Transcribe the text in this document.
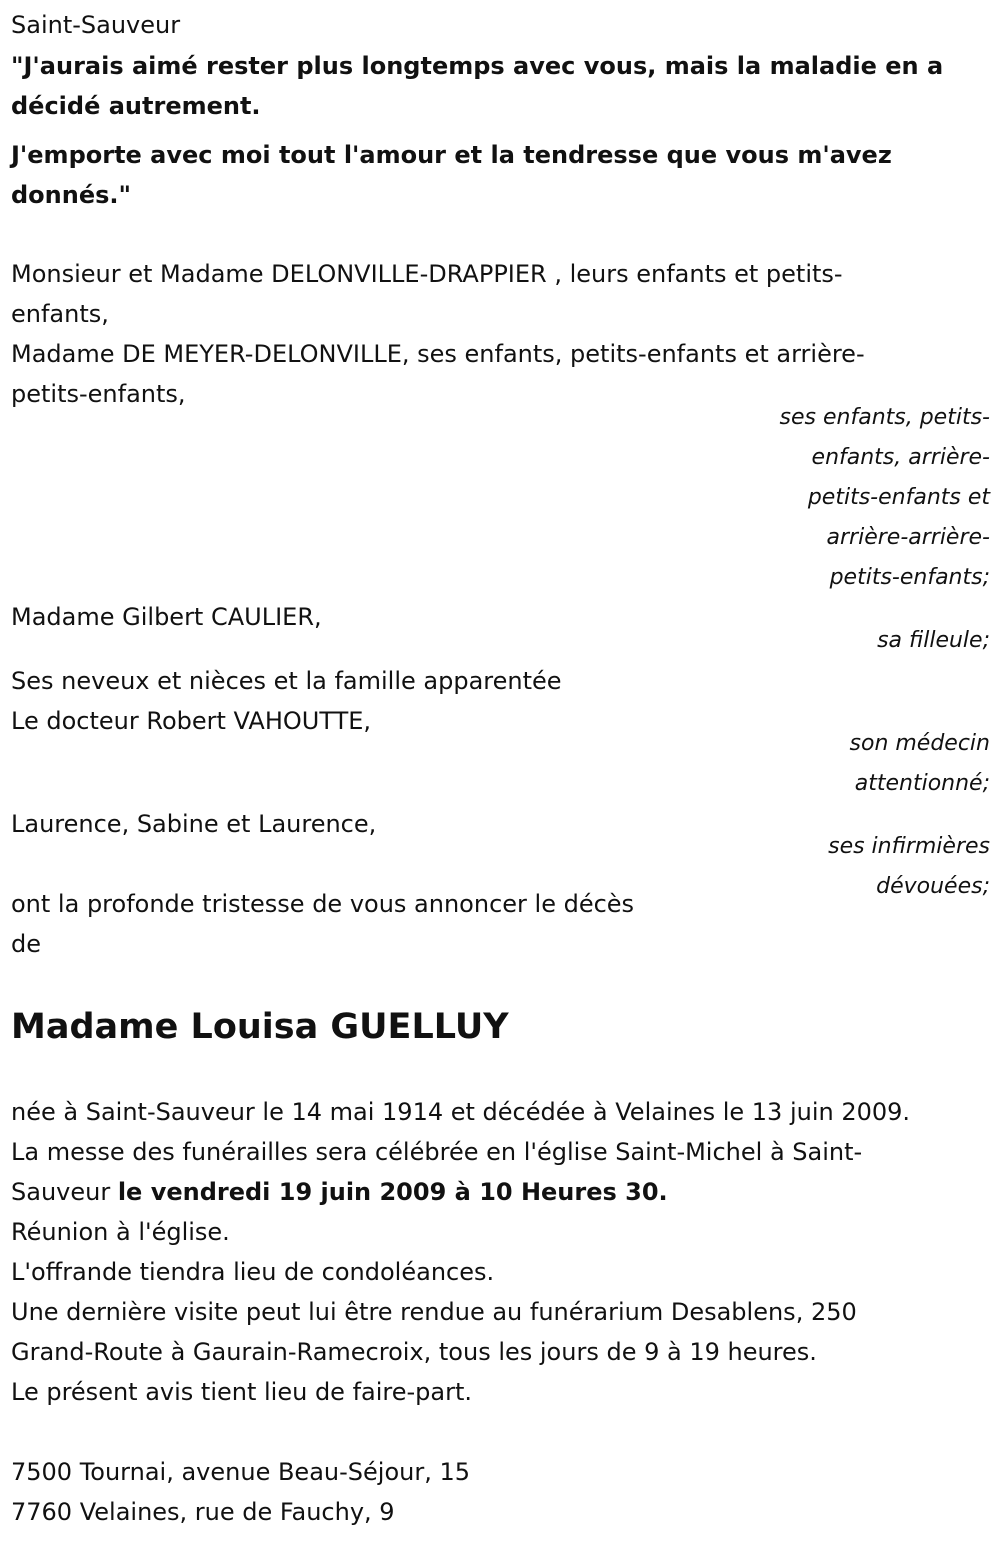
Saint-Sauveur
"J'aurais aimé rester plus longtemps avec vous, mais la maladie en a
décidé autrement.
J'emporte avec moi tout l'amour et la tendresse que vous m'avez
donnés."
Monsieur et Madame DELONVILLE-DRAPPIER , leurs enfants et petits-
enfants,
Madame DE MEYER-DELONVILLE, ses enfants, petits-enfants et arrière-
petits-enfants,
ses enfants, petits-
enfants, arrière-
petits-enfants et
arrière-arrière-
petits-enfants;
Madame Gilbert CAULIER,
sa filleule;
Ses neveux et nièces et la famille apparentée
Le docteur Robert VAHOUTTE,
son médecin
attentionné;
Laurence, Sabine et Laurence,
ses infirmières
dévouées;
ont la profonde tristesse de vous annoncer le décès
de
Madame Louisa GUELLUY
née à Saint-Sauveur le 14 mai 1914 et décédée à Velaines le 13 juin 2009.
La messe des funérailles sera célébrée en l'église Saint-Michel à Saint-
Sauveur le vendredi 19 juin 2009 à 10 Heures 30.
Réunion à l'église.
L'offrande tiendra lieu de condoléances.
Une dernière visite peut lui être rendue au funérarium Desablens, 250
Grand-Route à Gaurain-Ramecroix, tous les jours de 9 à 19 heures.
Le présent avis tient lieu de faire-part.
7500 Tournai, avenue Beau-Séjour, 15
7760 Velaines, rue de Fauchy, 9
